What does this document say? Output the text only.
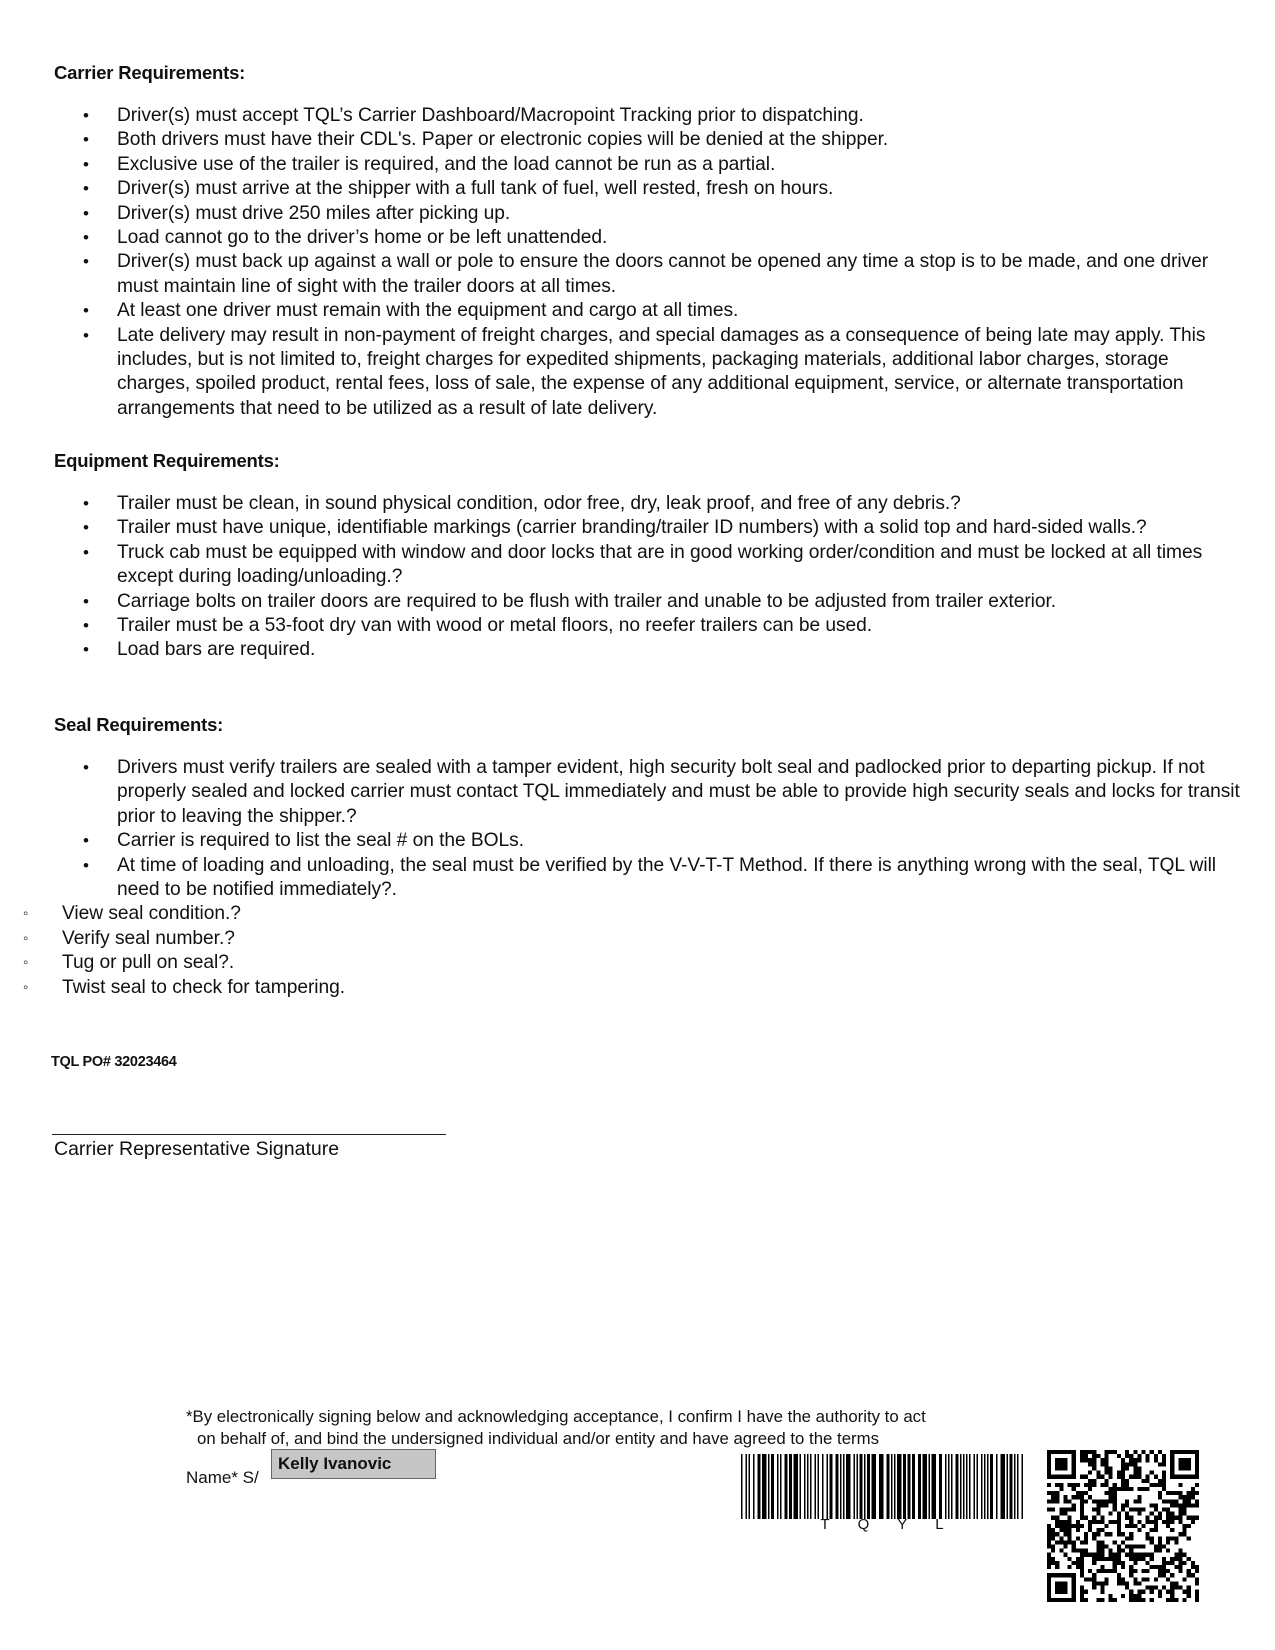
Carrier Requirements:
• Driver(s) must accept TQL’s Carrier Dashboard/Macropoint Tracking prior to dispatching.
• Both drivers must have their CDL's. Paper or electronic copies will be denied at the shipper.
• Exclusive use of the trailer is required, and the load cannot be run as a partial.
• Driver(s) must arrive at the shipper with a full tank of fuel, well rested, fresh on hours.
• Driver(s) must drive 250 miles after picking up.
• Load cannot go to the driver’s home or be left unattended.
• Driver(s) must back up against a wall or pole to ensure the doors cannot be opened any time a stop is to be made, and one driver must maintain line of sight with the trailer doors at all times.
• At least one driver must remain with the equipment and cargo at all times.
• Late delivery may result in non-payment of freight charges, and special damages as a consequence of being late may apply. This includes, but is not limited to, freight charges for expedited shipments, packaging materials, additional labor charges, storage charges, spoiled product, rental fees, loss of sale, the expense of any additional equipment, service, or alternate transportation arrangements that need to be utilized as a result of late delivery.
Equipment Requirements:
• Trailer must be clean, in sound physical condition, odor free, dry, leak proof, and free of any debris.?
• Trailer must have unique, identifiable markings (carrier branding/trailer ID numbers) with a solid top and hard-sided walls.?
• Truck cab must be equipped with window and door locks that are in good working order/condition and must be locked at all times except during loading/unloading.?
• Carriage bolts on trailer doors are required to be flush with trailer and unable to be adjusted from trailer exterior.
• Trailer must be a 53-foot dry van with wood or metal floors, no reefer trailers can be used.
• Load bars are required.
Seal Requirements:
• Drivers must verify trailers are sealed with a tamper evident, high security bolt seal and padlocked prior to departing pickup. If not properly sealed and locked carrier must contact TQL immediately and must be able to provide high security seals and locks for transit prior to leaving the shipper.?
• Carrier is required to list the seal # on the BOLs.
• At time of loading and unloading, the seal must be verified by the V-V-T-T Method. If there is anything wrong with the seal, TQL will need to be notified immediately?.
◦ View seal condition.?
◦ Verify seal number.?
◦ Tug or pull on seal?.
◦ Twist seal to check for tampering.
TQL PO# 32023464
Carrier Representative Signature
*By electronically signing below and acknowledging acceptance, I confirm I have the authority to act
on behalf of, and bind the undersigned individual and/or entity and have agreed to the terms
Name* S/
Kelly Ivanovic
T Q Y L
